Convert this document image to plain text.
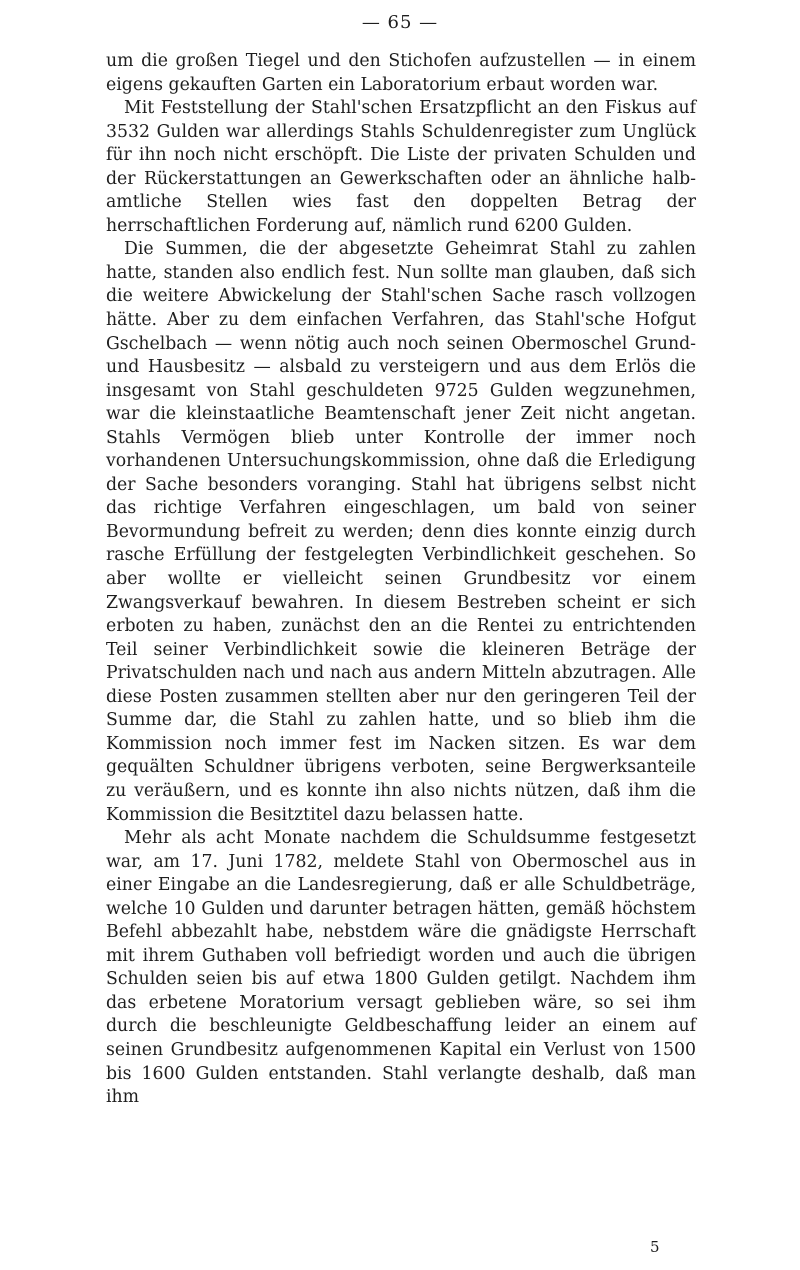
— 65 —

um die großen Tiegel und den Stichofen aufzustellen — in einem eigens gekauften Garten ein Laboratorium erbaut worden war.

Mit Feststellung der Stahl'schen Ersatzpflicht an den Fiskus auf 3532 Gulden war allerdings Stahls Schuldenregister zum Unglück für ihn noch nicht erschöpft. Die Liste der privaten Schulden und der Rückerstattungen an Gewerkschaften oder an ähnliche halbamtliche Stellen wies fast den doppelten Betrag der herrschaftlichen Forderung auf, nämlich rund 6200 Gulden.

Die Summen, die der abgesetzte Geheimrat Stahl zu zahlen hatte, standen also endlich fest. Nun sollte man glauben, daß sich die weitere Abwickelung der Stahl'schen Sache rasch vollzogen hätte. Aber zu dem einfachen Verfahren, das Stahl'sche Hofgut Gschelbach — wenn nötig auch noch seinen Obermoschel Grund- und Hausbesitz — alsbald zu versteigern und aus dem Erlös die insgesamt von Stahl geschuldeten 9725 Gulden wegzunehmen, war die kleinstaatliche Beamtenschaft jener Zeit nicht angetan. Stahls Vermögen blieb unter Kontrolle der immer noch vorhandenen Untersuchungskommission, ohne daß die Erledigung der Sache besonders voranging. Stahl hat übrigens selbst nicht das richtige Verfahren eingeschlagen, um bald von seiner Bevormundung befreit zu werden; denn dies konnte einzig durch rasche Erfüllung der festgelegten Verbindlichkeit geschehen. So aber wollte er vielleicht seinen Grundbesitz vor einem Zwangsverkauf bewahren. In diesem Bestreben scheint er sich erboten zu haben, zunächst den an die Rentei zu entrichtenden Teil seiner Verbindlichkeit sowie die kleineren Beträge der Privatschulden nach und nach aus andern Mitteln abzutragen. Alle diese Posten zusammen stellten aber nur den geringeren Teil der Summe dar, die Stahl zu zahlen hatte, und so blieb ihm die Kommission noch immer fest im Nacken sitzen. Es war dem gequälten Schuldner übrigens verboten, seine Bergwerksanteile zu veräußern, und es konnte ihn also nichts nützen, daß ihm die Kommission die Besitztitel dazu belassen hatte.

Mehr als acht Monate nachdem die Schuldsumme festgesetzt war, am 17. Juni 1782, meldete Stahl von Obermoschel aus in einer Eingabe an die Landesregierung, daß er alle Schuldbeträge, welche 10 Gulden und darunter betragen hätten, gemäß höchstem Befehl abbezahlt habe, nebstdem wäre die gnädigste Herrschaft mit ihrem Guthaben voll befriedigt worden und auch die übrigen Schulden seien bis auf etwa 1800 Gulden getilgt. Nachdem ihm das erbetene Moratorium versagt geblieben wäre, so sei ihm durch die beschleunigte Geldbeschaffung leider an einem auf seinen Grundbesitz aufgenommenen Kapital ein Verlust von 1500 bis 1600 Gulden entstanden. Stahl verlangte deshalb, daß man ihm

5
